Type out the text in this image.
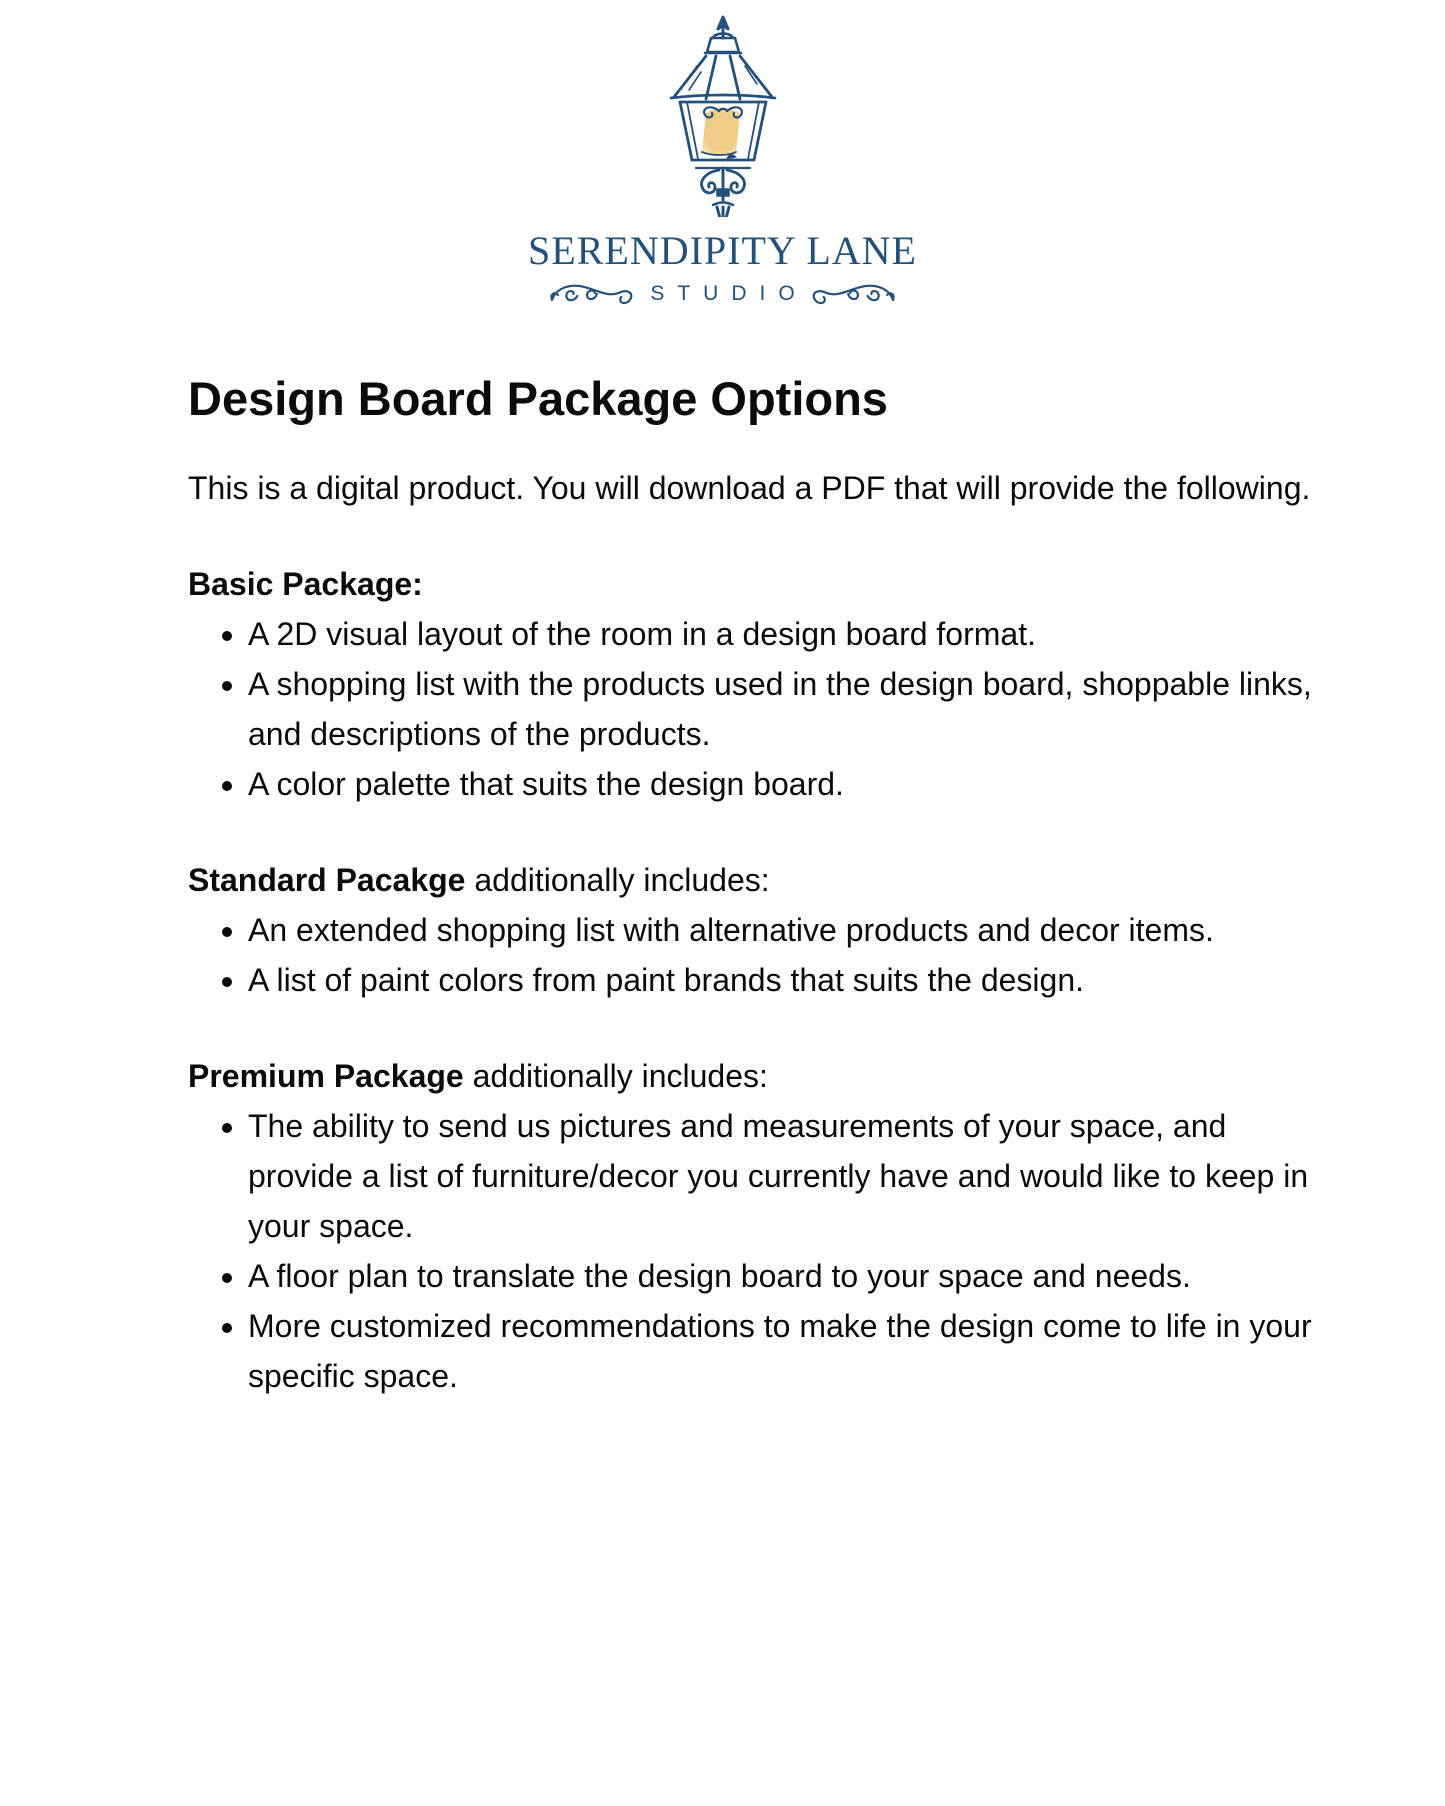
SERENDIPITY LANE
STUDIO
Design Board Package Options

This is a digital product. You will download a PDF that will provide the following.

Basic Package:

• A 2D visual layout of the room in a design board format.
• A shopping list with the products used in the design board, shoppable links, and descriptions of the products.
• A color palette that suits the design board.

Standard Pacakge additionally includes:

• An extended shopping list with alternative products and decor items.
• A list of paint colors from paint brands that suits the design.

Premium Package additionally includes:

• The ability to send us pictures and measurements of your space, and provide a list of furniture/decor you currently have and would like to keep in your space.
• A floor plan to translate the design board to your space and needs.
• More customized recommendations to make the design come to life in your specific space.
